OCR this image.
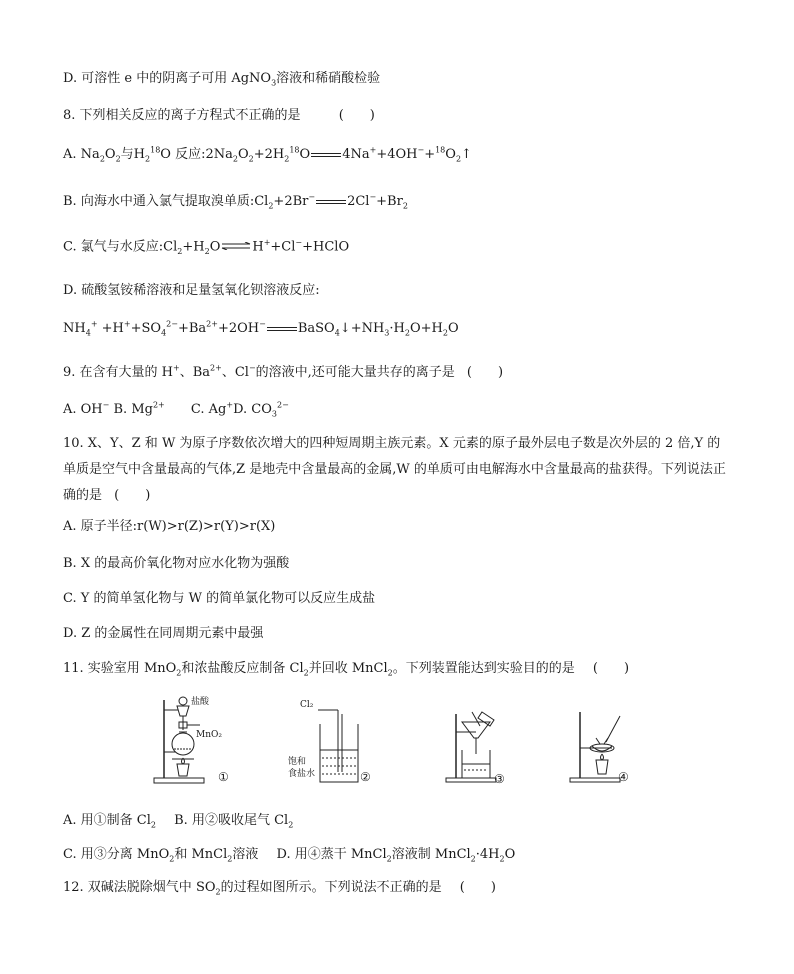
D. 可溶性 e 中的阴离子可用 AgNO$_3$溶液和稀硝酸检验
8. 下列相关反应的离子方程式不正确的是	(　　)
A. $Na_2O_2$与$H_2^{18}O$ 反应$:2Na_2O_2+2H_2^{18}O$ $4Na^++4OH^-+^{18}O_2↑$
B. 向海水中通入氯气提取溴单质$:Cl_2+2Br^-$ $2Cl^-+Br_2$
C. 氯气与水反应$:Cl_2+H_2O\rightleftharpoons H^++Cl^-+HClO$
D. 硫酸氢铵稀溶液和足量氢氧化钡溶液反应:
$NH_4^+ +H^++SO_4^{2-}+Ba^{2+}+2OH^-$ $BaSO_4↓+NH_3\cdot H_2O+H_2O$
9. 在含有大量的 H+、$Ba^{2+}$、Cl−的溶液中,还可能大量共存的离子是 (　　)
A. OH− B. $Mg^{2+}$ C. Ag+D. $CO_3^{2-}$
10. X、Y、Z 和 W 为原子序数依次增大的四种短周期主族元素。X 元素的原子最外层电子数是次外层的 2 倍,Y 的单质是空气中含量最高的气体,Z 是地壳中含量最高的金属,W 的单质可由电解海水中含量最高的盐获得。下列说法正确的是 (　　)
A. 原子半径:r(W)>r(Z)>r(Y)>r(X)
B. X 的最高价氧化物对应水化物为强酸
C. Y 的简单氢化物与 W 的简单氯化物可以反应生成盐
D. Z 的金属性在同周期元素中最强
11. 实验室用 MnO$_2$和浓盐酸反应制备 $Cl_2$并回收 MnCl$_2$。下列装置能达到实验目的的是 (　　)
盐酸
MnO₂
①
Cl₂
饱和
食盐水	②	③	④
A. 用①制备 $Cl_2$ B. 用②吸收尾气 $Cl_2$
C. 用③分离 MnO$_2$和 MnCl$_2$溶液 D. 用④蒸干 MnCl$_2$溶液制 $MnCl_2\cdot 4H_2O$
12. 双碱法脱除烟气中 $SO_2$的过程如图所示。下列说法不正确的是 (　　)
